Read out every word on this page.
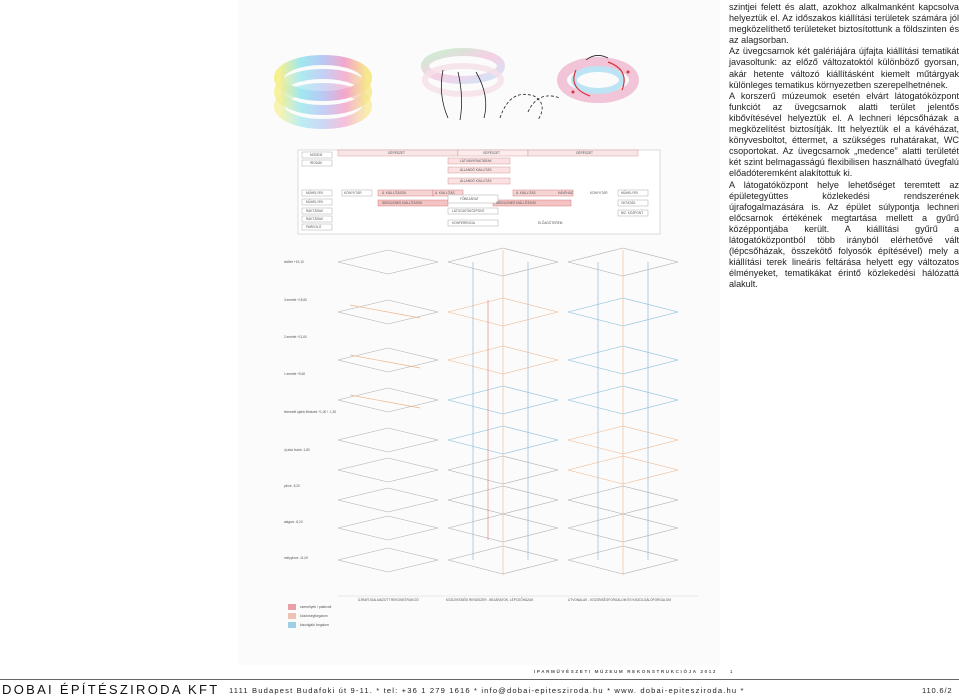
MODEM
IRODÁK
MŰHELYEK
MŰHELYEK
RAKTÁRAK
RAKTÁRAK
PARKOLÓ
GÉPÉSZET	GÉPÉSZET	GÉPÉSZET
LÁTVÁNYRAKTÁRAK
ÁLLANDÓ KIÁLLÍTÁS
ÁLLANDÓ KIÁLLÍTÁS
KÖNYVTÁR	Á. KIÁLLÍTÁSOK	Á. KIÁLLÍTÁS
IDEIGLENES KIÁLLÍTÁSOK
FŐBEJÁRAT
LÁTOGATÓKÖZPONT
Á. KIÁLLÍTÁS
IDEIGLENES KIÁLLÍTÁSOK
KÁVÉHÁZ	KÖNYVTÁR	MŰHELYEK
OKTATÁS
BIZ. KÖZPONT
KONFERENCIA	ELŐADÓTEREM
tetőtér +19,10
3.emelet +15,60
2.emelet +11,60
1.emelet +5,60
felemeltt újabb földszint +1,00 / -1,30
új alsó fszint -1,80
pince -5,20
alagsor -8,20
mélypince -11,00
ÚJRAFOGALMAZOTT REKONSTRUKCIÓ	KÖZLEKEDÉSI RENDSZER - BEJÁRATOK, LÉPCSŐHÁZAK	UTVONALAK - KÖZÖNSÉGFORGALOM ÉS KISZOLGÁLÓFORGALOM
személyek / pakkvolt
közönségforgalom
kiszolgáló forgalom

szintjei felett és alatt, azokhoz alkalmanként kapcsolva helyeztük el. Az időszakos kiállítási területek számára jól megközelíthető területeket biztosítottunk a földszinten és az alagsorban.

Az üvegcsarnok két galériájára újfajta kiállítási tematikát javasoltunk: az előző változatoktól különböző gyorsan, akár hetente változó kiállításként kiemelt műtárgyak különleges tematikus környezetben szerepelhetnének.

A korszerű múzeumok esetén elvárt látogatóközpont funkciót az üvegcsarnok alatti terület jelentős kibővítésével helyeztük el. A lechneri lépcsőházak a megközelítést biztosítják. Itt helyeztük el a kávéházat, könyvesboltot, éttermet, a szükséges ruhatárakat, WC csoportokat. Az üvegcsarnok „medence” alatti területét két szint belmagasságú flexibilisen használható üvegfalú előadóteremként alakítottuk ki.

A látogatóközpont helye lehetőséget teremtett az épületegyüttes közlekedési rendszerének újrafogalmazására is. Az épület súlypontja lechneri előcsarnok értékének megtartása mellett a gyűrű középpontjába került. A kiállítási gyűrű a látogatóközpontból több irányból elérhetővé vált (lépcsőházak, összekötő folyosók építésével) mely a kiállítási terek lineáris feltárása helyett egy változatos élményeket, tematikákat érintő közlekedési hálózattá alakult.

IPARMŰVÉSZETI MÚZEUM REKONSTRUKCIÓJA 2012	1
DOBAI ÉPÍTÉSZIRODA KFT 1111 Budapest Budafoki út 9-11. * tel: +36 1 279 1616 * info@dobai-epiteszirodа.hu * www. dobai-epiteszirodа.hu *	110.6/2
